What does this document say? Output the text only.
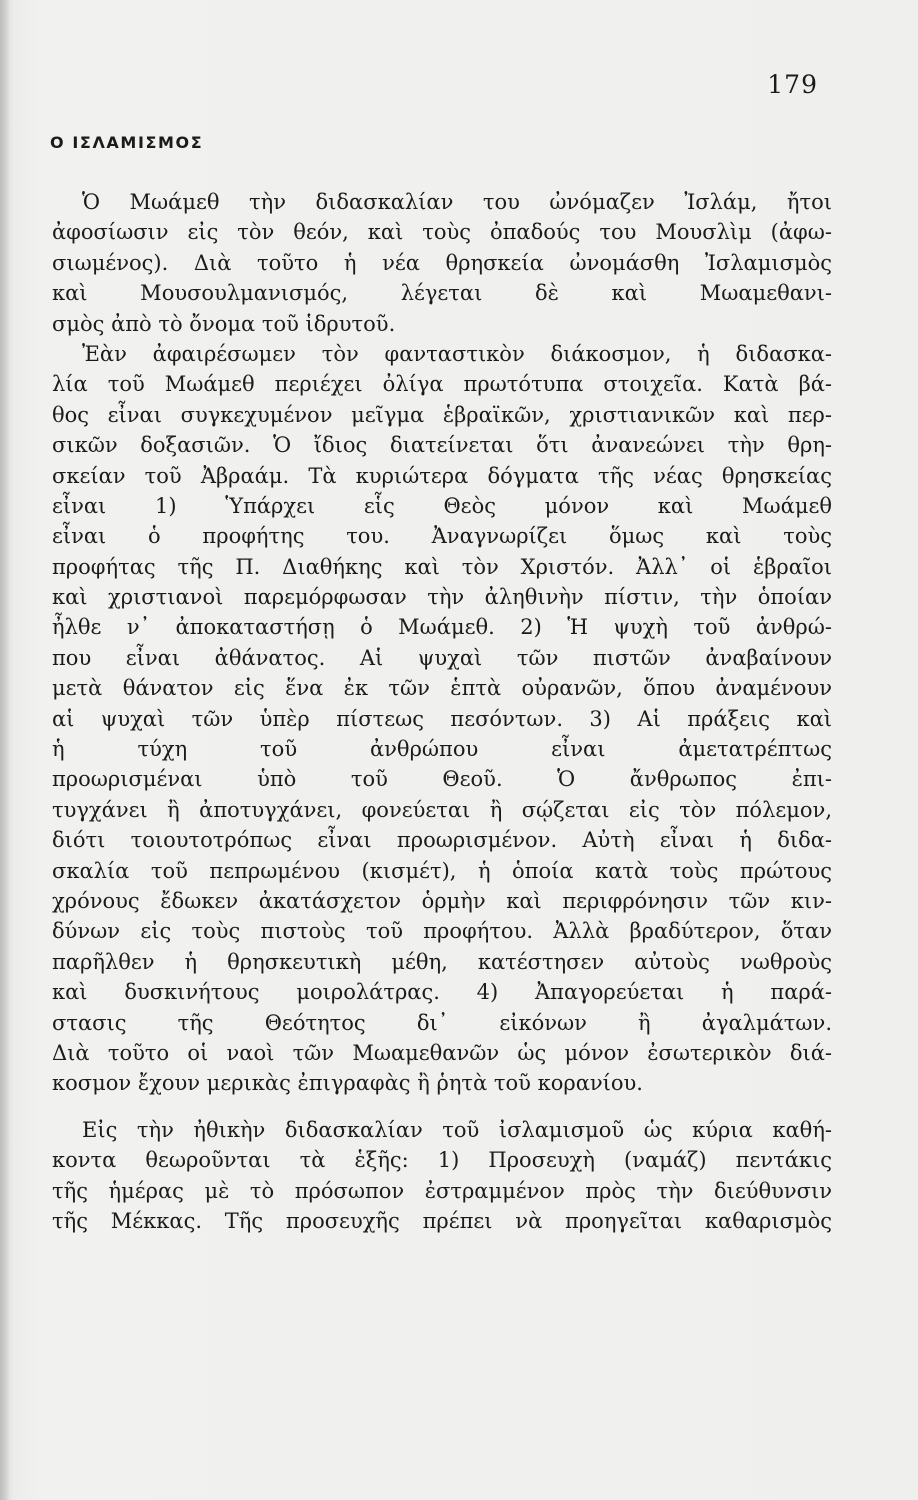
179
Ο ΙΣΛΑΜΙΣΜΟΣ
Ὁ Μωάμεθ τὴν διδασκαλίαν του ὠνόμαζεν Ἰσλάμ, ἤτοι
ἀφοσίωσιν εἰς τὸν θεόν, καὶ τοὺς ὀπαδούς του Μουσλὶμ (ἀφω-
σιωμένος). Διὰ τοῦτο ἡ νέα θρησκεία ὠνομάσθη Ἰσλαμισμὸς
καὶ Μουσουλμανισμός, λέγεται δὲ καὶ Μωαμεθανι-
σμὸς ἀπὸ τὸ ὄνομα τοῦ ἱδρυτοῦ.
Ἐὰν ἀφαιρέσωμεν τὸν φανταστικὸν διάκοσμον, ἡ διδασκα-
λία τοῦ Μωάμεθ περιέχει ὀλίγα πρωτότυπα στοιχεῖα. Κατὰ βά-
θος εἶναι συγκεχυμένον μεῖγμα ἑβραϊκῶν, χριστιανικῶν καὶ περ-
σικῶν δοξασιῶν. Ὁ ἴδιος διατείνεται ὅτι ἀνανεώνει τὴν θρη-
σκείαν τοῦ Ἀβραάμ. Τὰ κυριώτερα δόγματα τῆς νέας θρησκείας
εἶναι 1) Ὑπάρχει εἷς Θεὸς μόνον καὶ Μωάμεθ
εἶναι ὁ προφήτης του. Ἀναγνωρίζει ὅμως καὶ τοὺς
προφήτας τῆς Π. Διαθήκης καὶ τὸν Χριστόν. Ἀλλ᾽ οἱ ἑβραῖοι
καὶ χριστιανοὶ παρεμόρφωσαν τὴν ἀληθινὴν πίστιν, τὴν ὁποίαν
ἦλθε ν᾽ ἀποκαταστήσῃ ὁ Μωάμεθ. 2) Ἡ ψυχὴ τοῦ ἀνθρώ-
που εἶναι ἀθάνατος. Αἱ ψυχαὶ τῶν πιστῶν ἀναβαίνουν
μετὰ θάνατον εἰς ἕνα ἐκ τῶν ἑπτὰ οὐρανῶν, ὅπου ἀναμένουν
αἱ ψυχαὶ τῶν ὑπὲρ πίστεως πεσόντων. 3) Αἱ πράξεις καὶ
ἡ τύχη τοῦ ἀνθρώπου εἶναι ἀμετατρέπτως
προωρισμέναι ὑπὸ τοῦ Θεοῦ. Ὁ ἄνθρωπος ἐπι-
τυγχάνει ἢ ἀποτυγχάνει, φονεύεται ἢ σῴζεται εἰς τὸν πόλεμον,
διότι τοιουτοτρόπως εἶναι προωρισμένον. Αὐτὴ εἶναι ἡ διδα-
σκαλία τοῦ πεπρωμένου (κισμέτ), ἡ ὁποία κατὰ τοὺς πρώτους
χρόνους ἔδωκεν ἀκατάσχετον ὁρμὴν καὶ περιφρόνησιν τῶν κιν-
δύνων εἰς τοὺς πιστοὺς τοῦ προφήτου. Ἀλλὰ βραδύτερον, ὅταν
παρῆλθεν ἡ θρησκευτικὴ μέθη, κατέστησεν αὐτοὺς νωθροὺς
καὶ δυσκινήτους μοιρολάτρας. 4) Ἀπαγορεύεται ἡ παρά-
στασις τῆς Θεότητος δι᾽ εἰκόνων ἢ ἀγαλμάτων.
Διὰ τοῦτο οἱ ναοὶ τῶν Μωαμεθανῶν ὡς μόνον ἐσωτερικὸν διά-
κοσμον ἔχουν μερικὰς ἐπιγραφὰς ἢ ῥητὰ τοῦ κορανίου.
Εἰς τὴν ἠθικὴν διδασκαλίαν τοῦ ἰσλαμισμοῦ ὡς κύρια καθή-
κοντα θεωροῦνται τὰ ἑξῆς: 1) Προσευχὴ (ναμάζ) πεντάκις
τῆς ἡμέρας μὲ τὸ πρόσωπον ἐστραμμένον πρὸς τὴν διεύθυνσιν
τῆς Μέκκας. Τῆς προσευχῆς πρέπει νὰ προηγεῖται καθαρισμὸς
